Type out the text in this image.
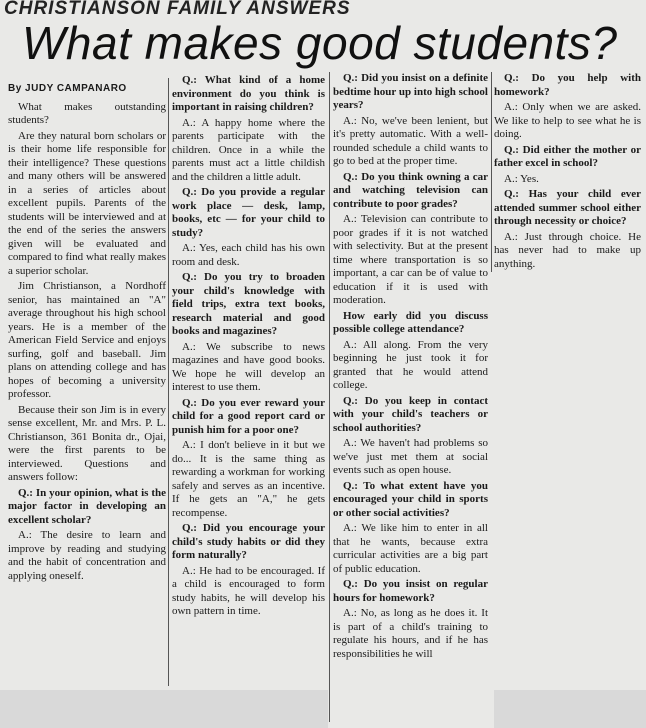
CHRISTIANSON FAMILY ANSWERS
What makes good students?

By JUDY CAMPANARO

What makes outstanding students?

Are they natural born scholars or is their home life responsible for their intelligence? These questions and many others will be answered in a series of articles about excellent pupils. Parents of the students will be interviewed and at the end of the series the answers given will be evaluated and compared to find what really makes a superior scholar.

Jim Christianson, a Nordhoff senior, has maintained an "A" average throughout his high school years. He is a member of the American Field Service and enjoys surfing, golf and baseball. Jim plans on attending college and has hopes of becoming a university professor.

Because their son Jim is in every sense excellent, Mr. and Mrs. P. L. Christianson, 361 Bonita dr., Ojai, were the first parents to be interviewed. Questions and answers follow:

Q.: In your opinion, what is the major factor in developing an excellent scholar?

A.: The desire to learn and improve by reading and studying and the habit of concentration and applying oneself.

Q.: What kind of a home environment do you think is important in raising children?

A.: A happy home where the parents participate with the children. Once in a while the parents must act a little childish and the children a little adult.

Q.: Do you provide a regular work place — desk, lamp, books, etc — for your child to study?

A.: Yes, each child has his own room and desk.

Q.: Do you try to broaden your child's knowledge with field trips, extra text books, research material and good books and magazines?

A.: We subscribe to news magazines and have good books. We hope he will develop an interest to use them.

Q.: Do you ever reward your child for a good report card or punish him for a poor one?

A.: I don't believe in it but we do... It is the same thing as rewarding a workman for working safely and serves as an incentive. If he gets an "A," he gets recompense.

Q.: Did you encourage your child's study habits or did they form naturally?

A.: He had to be encouraged. If a child is encouraged to form study habits, he will develop his own pattern in time.

Q.: Did you insist on a definite bedtime hour up into high school years?

A.: No, we've been lenient, but it's pretty automatic. With a well-rounded schedule a child wants to go to bed at the proper time.

Q.: Do you think owning a car and watching television can contribute to poor grades?

A.: Television can contribute to poor grades if it is not watched with selectivity. But at the present time where transportation is so important, a car can be of value to education if it is used with moderation.

How early did you discuss possible college attendance?

A.: All along. From the very beginning he just took it for granted that he would attend college.

Q.: Do you keep in contact with your child's teachers or school authorities?

A.: We haven't had problems so we've just met them at social events such as open house.

Q.: To what extent have you encouraged your child in sports or other social activities?

A.: We like him to enter in all that he wants, because extra curricular activities are a big part of public education.

Q.: Do you insist on regular hours for homework?

A.: No, as long as he does it. It is part of a child's training to regulate his hours, and if he has responsibilities he will

Q.: Do you help with homework?

A.: Only when we are asked. We like to help to see what he is doing.

Q.: Did either the mother or father excel in school?

A.: Yes.

Q.: Has your child ever attended summer school either through necessity or choice?

A.: Just through choice. He has never had to make up anything.
